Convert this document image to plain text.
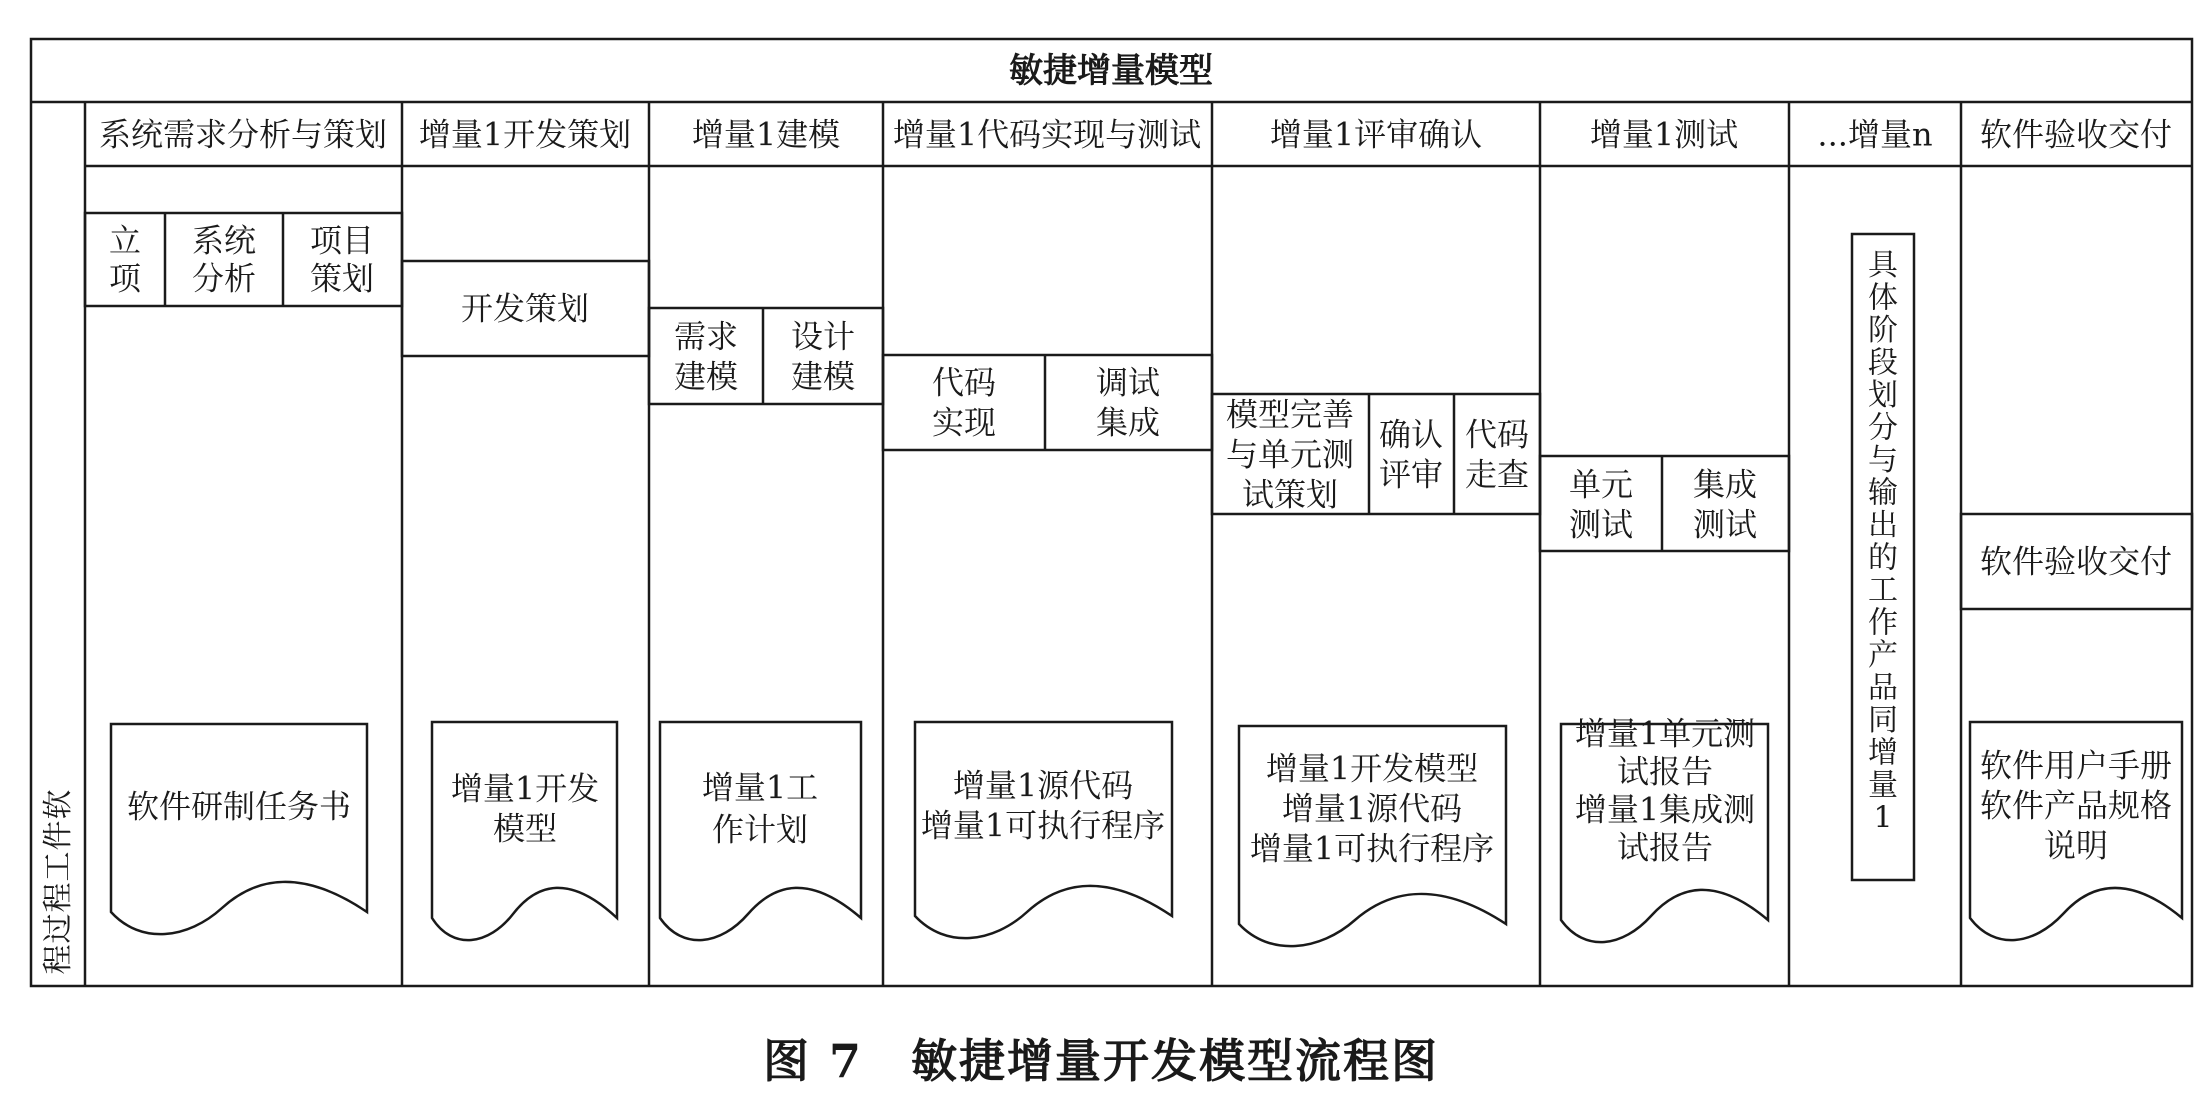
敏捷增量模型
软
件
工
程
过
程
系统需求分析与策划
立项
系统分析
项目策划
软件研制任务书
增量1开发策划
开发策划
增量1开发模型
增量1建模
需求建模
设计建模
增量1工作计划
增量1代码实现与测试
代码实现
调试集成
增量1源代码增量1可执行程序
增量1评审确认
模型完善与单元测试策划
确认评审
代码走查
增量1开发模型增量1源代码增量1可执行程序
增量1测试
单元测试
集成测试
增量1单元测试报告增量1集成测试报告
...增量n
具
体
阶
段
划
分
与
输
出
的
工
作
产
品
同
增
量
1
软件验收交付
软件验收交付
软件用户手册软件产品规格说明
图 7　敏捷增量开发模型流程图
